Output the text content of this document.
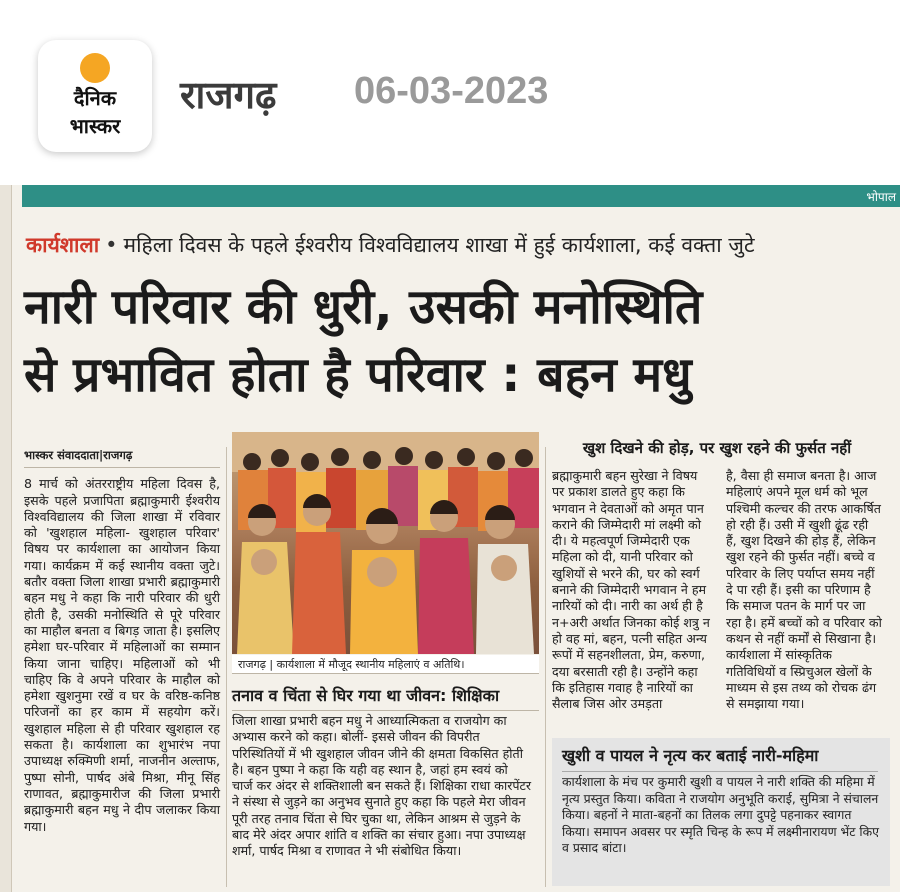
दैनिक
भास्कर
राजगढ़ 06-03-2023
भोपाल
कार्यशाला • महिला दिवस के पहले ईश्वरीय विश्वविद्यालय शाखा में हुई कार्यशाला, कई वक्ता जुटे
नारी परिवार की धुरी, उसकी मनोस्थिति
से प्रभावित होता है परिवार : बहन मधु
भास्कर संवाददाता|राजगढ़

8 मार्च को अंतरराष्ट्रीय महिला दिवस है, इसके पहले प्रजापिता ब्रह्माकुमारी ईश्वरीय विश्वविद्यालय की जिला शाखा में रविवार को 'खुशहाल महिला- खुशहाल परिवार' विषय पर कार्यशाला का आयोजन किया गया। कार्यक्रम में कई स्थानीय वक्ता जुटे। बतौर वक्ता जिला शाखा प्रभारी ब्रह्माकुमारी बहन मधु ने कहा कि नारी परिवार की धुरी होती है, उसकी मनोस्थिति से पूरे परिवार का माहौल बनता व बिगड़ जाता है। इसलिए हमेशा घर-परिवार में महिलाओं का सम्मान किया जाना चाहिए। महिलाओं को भी चाहिए कि वे अपने परिवार के माहौल को हमेशा खुशनुमा रखें व घर के वरिष्ठ-कनिष्ठ परिजनों का हर काम में सहयोग करें। खुशहाल महिला से ही परिवार खुशहाल रह सकता है। कार्यशाला का शुभारंभ नपा उपाध्यक्ष रुक्मिणी शर्मा, नाजनीन अल्ताफ, पुष्पा सोनी, पार्षद अंबे मिश्रा, मीनू सिंह राणावत, ब्रह्माकुमारीज की जिला प्रभारी ब्रह्माकुमारी बहन मधु ने दीप जलाकर किया गया।

राजगढ़ | कार्यशाला में मौजूद स्थानीय महिलाएं व अतिथि।
तनाव व चिंता से घिर गया था जीवन: शिक्षिका

जिला शाखा प्रभारी बहन मधु ने आध्यात्मिकता व राजयोग का अभ्यास करने को कहा। बोलीं- इससे जीवन की विपरीत परिस्थितियों में भी खुशहाल जीवन जीने की क्षमता विकसित होती है। बहन पुष्पा ने कहा कि यही वह स्थान है, जहां हम स्वयं को चार्ज कर अंदर से शक्तिशाली बन सकते हैं। शिक्षिका राधा कारपेंटर ने संस्था से जुड़ने का अनुभव सुनाते हुए कहा कि पहले मेरा जीवन पूरी तरह तनाव चिंता से घिर चुका था, लेकिन आश्रम से जुड़ने के बाद मेरे अंदर अपार शांति व शक्ति का संचार हुआ। नपा उपाध्यक्ष शर्मा, पार्षद मिश्रा व राणावत ने भी संबोधित किया।

खुश दिखने की होड़, पर खुश रहने की फुर्सत नहीं

ब्रह्माकुमारी बहन सुरेखा ने विषय पर प्रकाश डालते हुए कहा कि भगवान ने देवताओं को अमृत पान कराने की जिम्मेदारी मां लक्ष्मी को दी। ये महत्वपूर्ण जिम्मेदारी एक महिला को दी, यानी परिवार को खुशियों से भरने की, घर को स्वर्ग बनाने की जिम्मेदारी भगवान ने हम नारियों को दी। नारी का अर्थ ही है न+अरी अर्थात जिनका कोई शत्रु न हो वह मां, बहन, पत्नी सहित अन्य रूपों में सहनशीलता, प्रेम, करुणा, दया बरसाती रही है। उन्होंने कहा कि इतिहास गवाह है नारियों का सैलाब जिस ओर उमड़ता

है, वैसा ही समाज बनता है। आज महिलाएं अपने मूल धर्म को भूल पश्चिमी कल्चर की तरफ आकर्षित हो रही हैं। उसी में खुशी ढूंढ रही हैं, खुश दिखने की होड़ हैं, लेकिन खुश रहने की फुर्सत नहीं। बच्चे व परिवार के लिए पर्याप्त समय नहीं दे पा रही हैं। इसी का परिणाम है कि समाज पतन के मार्ग पर जा रहा है। हमें बच्चों को व परिवार को कथन से नहीं कर्मों से सिखाना है। कार्यशाला में सांस्कृतिक गतिविधियों व स्प्रिचुअल खेलों के माध्यम से इस तथ्य को रोचक ढंग से समझाया गया।

खुशी व पायल ने नृत्य कर बताई नारी-महिमा
कार्यशाला के मंच पर कुमारी खुशी व पायल ने नारी शक्ति की महिमा में नृत्य प्रस्तुत किया। कविता ने राजयोग अनुभूति कराई, सुमित्रा ने संचालन किया। बहनों ने माता-बहनों का तिलक लगा दुपट्टे पहनाकर स्वागत किया। समापन अवसर पर स्मृति चिन्ह के रूप में लक्ष्मीनारायण भेंट किए व प्रसाद बांटा।
